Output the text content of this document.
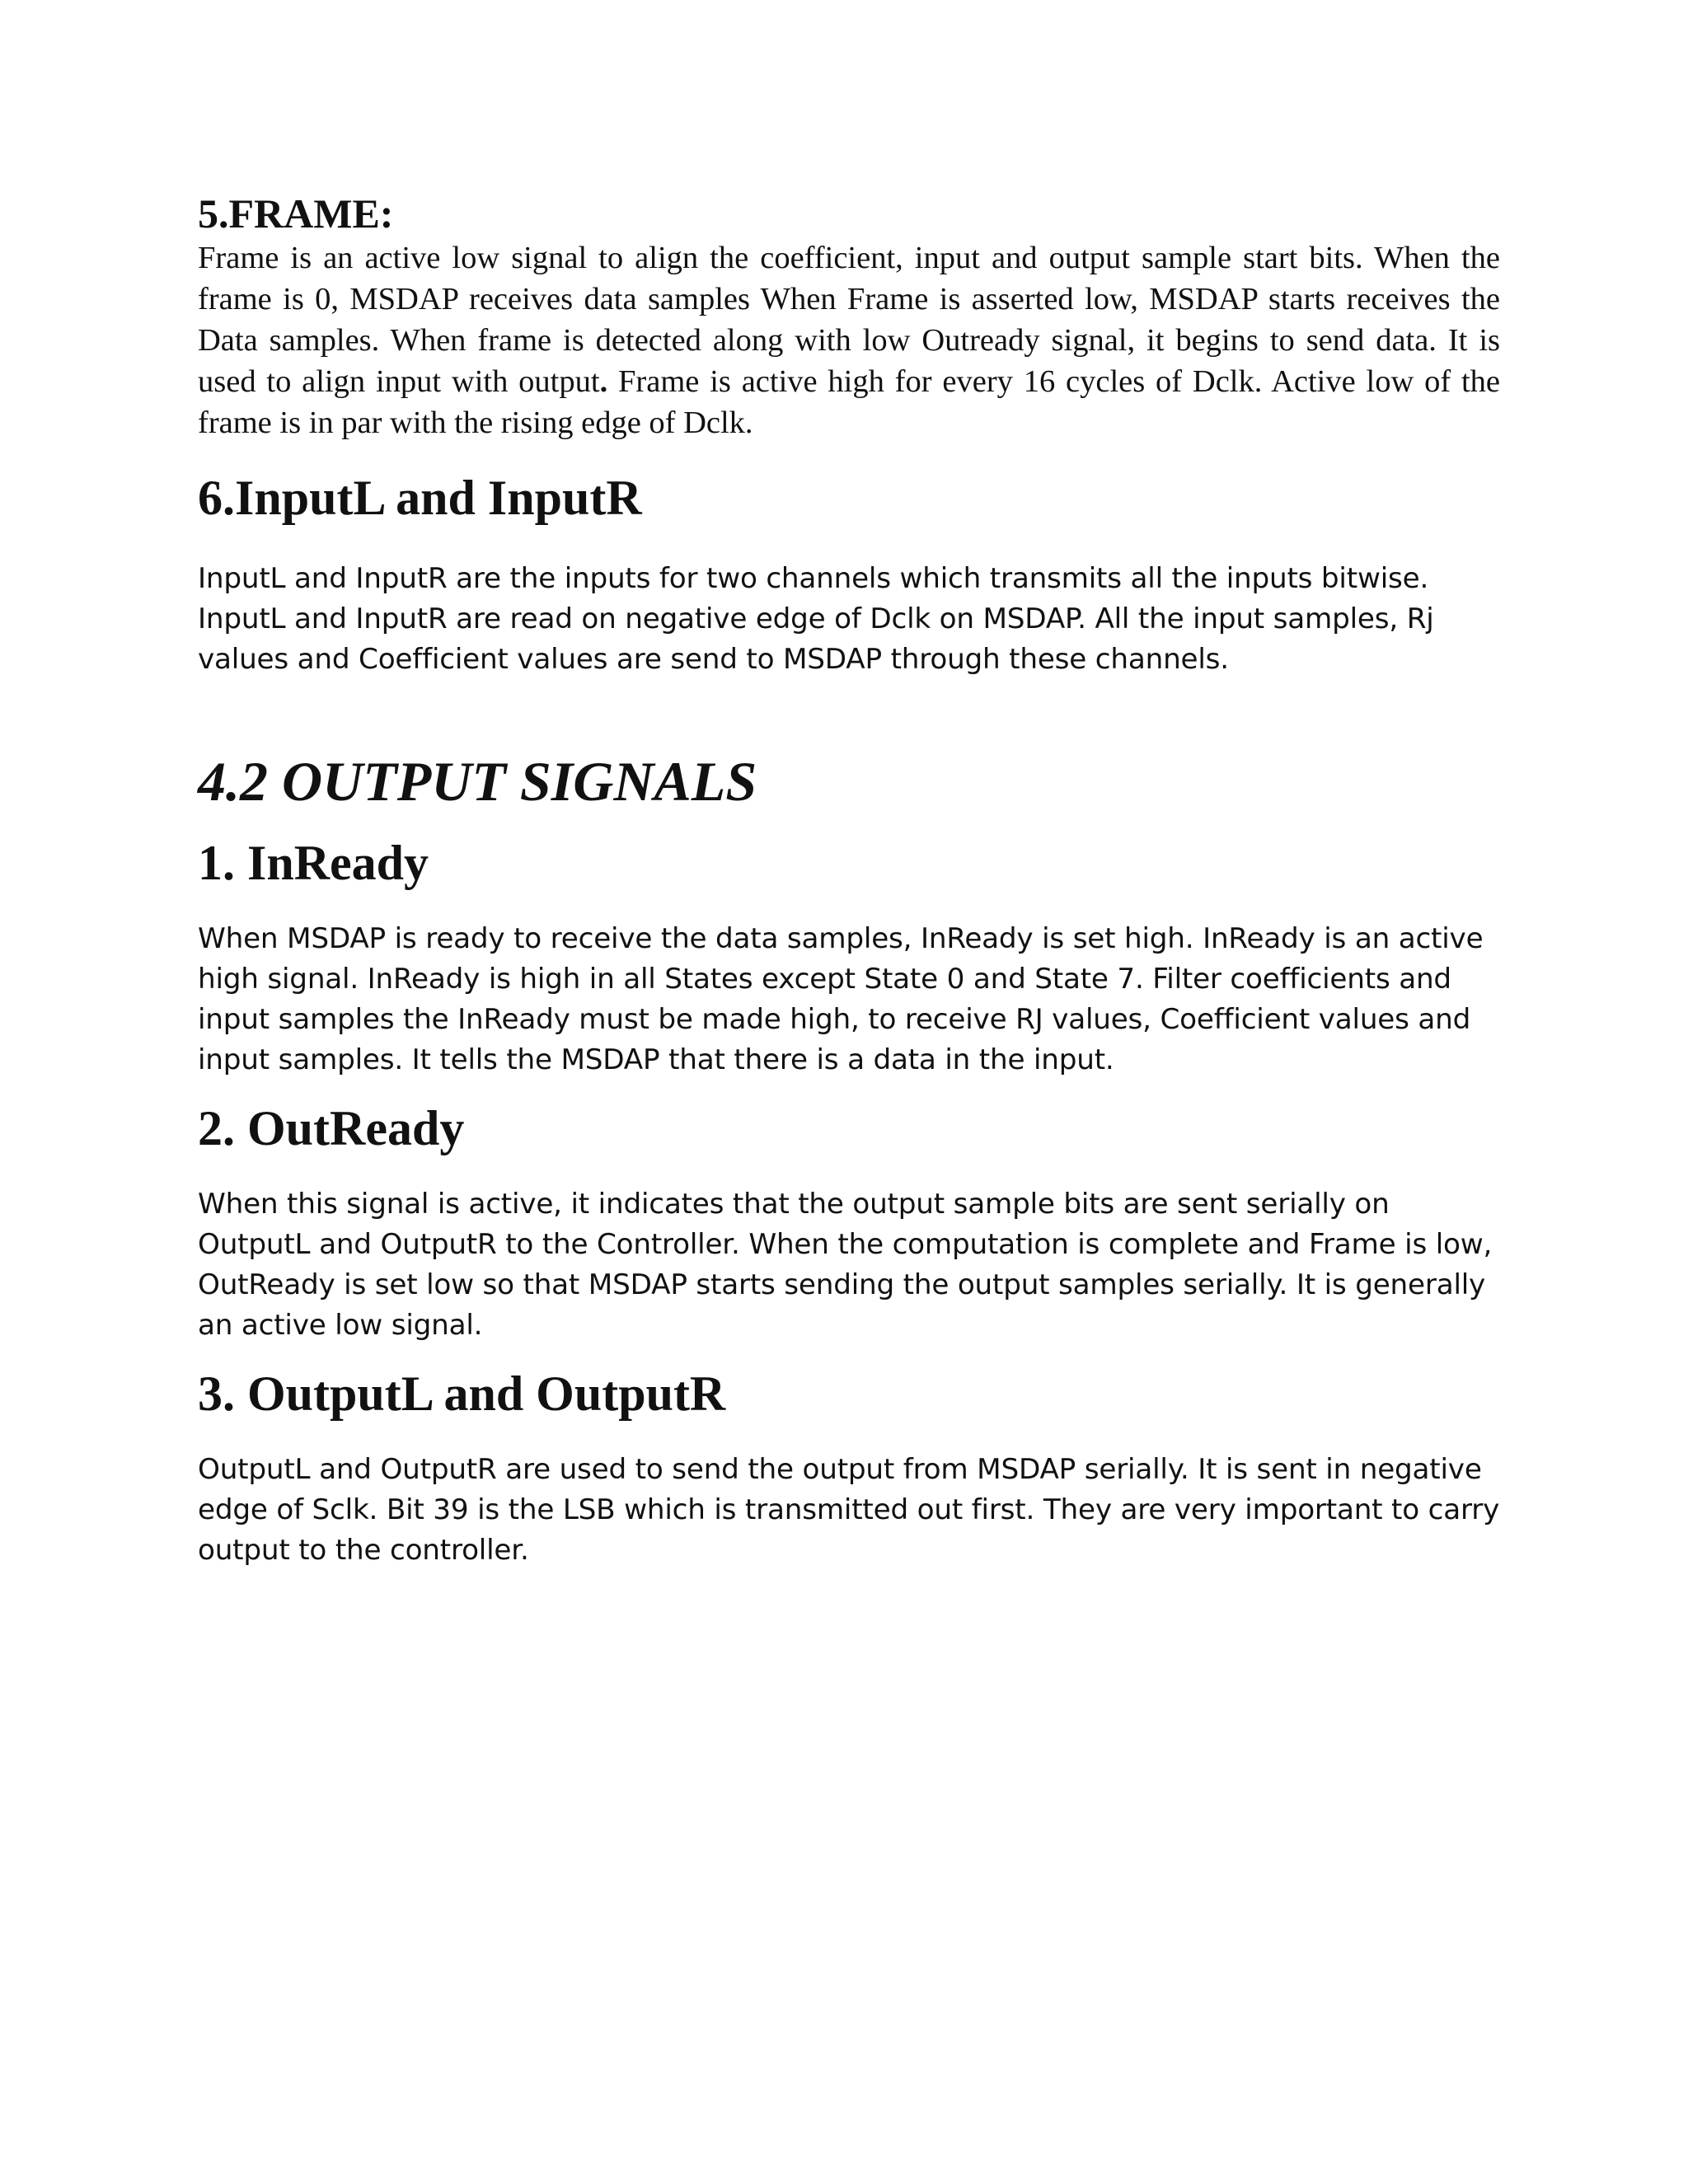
5.FRAME:

Frame is an active low signal to align the coefficient, input and output sample start bits. When the frame is 0, MSDAP receives data samples When Frame is asserted low, MSDAP starts receives the Data samples. When frame is detected along with low Outready signal, it begins to send data. It is used to align input with output. Frame is active high for every 16 cycles of Dclk. Active low of the frame is in par with the rising edge of Dclk.

6.InputL and InputR

InputL and InputR are the inputs for two channels which transmits all the inputs bitwise. InputL and InputR are read on negative edge of Dclk on MSDAP. All the input samples, Rj values and Coefficient values are send to MSDAP through these channels.

4.2 OUTPUT SIGNALS
1. InReady

When MSDAP is ready to receive the data samples, InReady is set high. InReady is an active high signal. InReady is high in all States except State 0 and State 7. Filter coefficients and input samples the InReady must be made high, to receive RJ values, Coefficient values and input samples. It tells the MSDAP that there is a data in the input.

2. OutReady

When this signal is active, it indicates that the output sample bits are sent serially on OutputL and OutputR to the Controller. When the computation is complete and Frame is low, OutReady is set low so that MSDAP starts sending the output samples serially. It is generally an active low signal.

3. OutputL and OutputR

OutputL and OutputR are used to send the output from MSDAP serially. It is sent in negative edge of Sclk. Bit 39 is the LSB which is transmitted out first. They are very important to carry output to the controller.
